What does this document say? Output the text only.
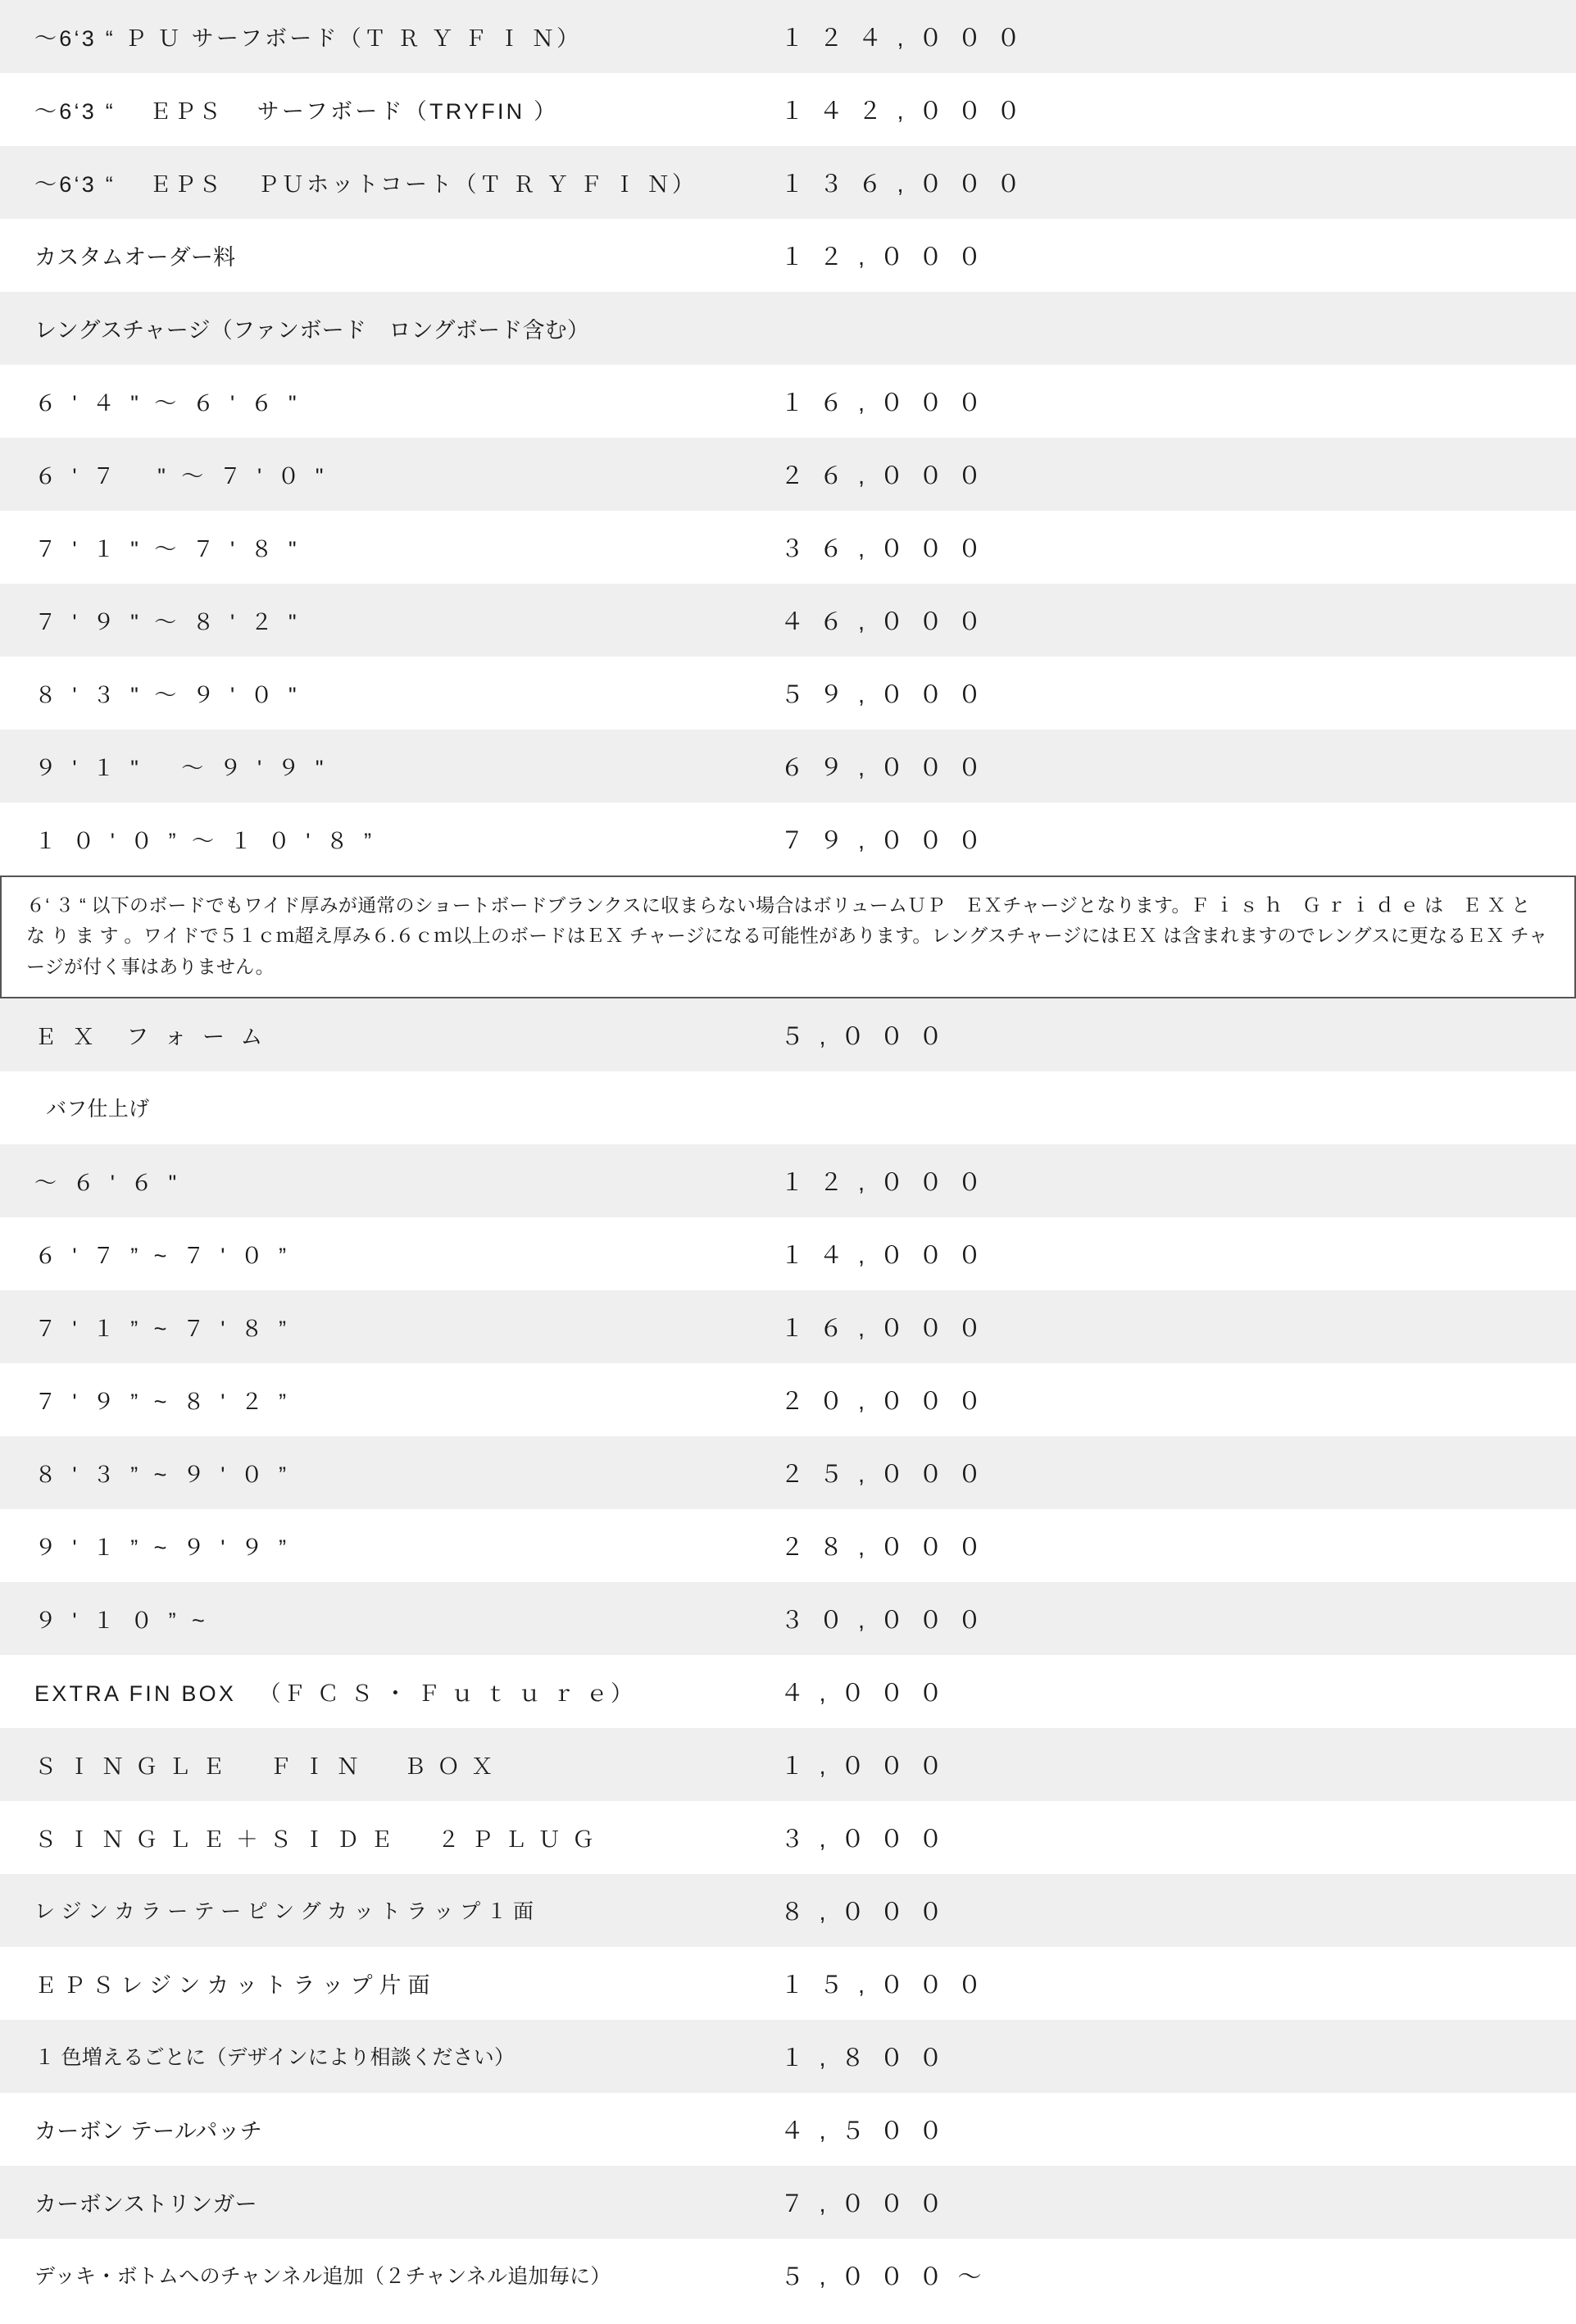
〜6‘3 “ Ｐ Ｕ サーフボード（Ｔ Ｒ Ｙ Ｆ Ｉ Ｎ）	１ ２ ４ , ０ ０ ０

〜6‘3 “ 　ＥＰＳ　 サーフボード（TRYFIN ）	１ ４ ２ , ０ ０ ０

〜6‘3 “ 　ＥＰＳ　 ＰＵホットコート（Ｔ Ｒ Ｙ Ｆ Ｉ Ｎ）	１ ３ ６ , ０ ０ ０

カスタムオーダー料	１ ２ , ０ ０ ０

レングスチャージ（ファンボード　ロングボード含む）	

６ ' ４ " 〜 ６ ' ６ "	１ ６ , ０ ０ ０

６ ' ７ 　" 〜 ７ ' ０ "	２ ６ , ０ ０ ０

７ ' １ " 〜 ７ ' ８ "	３ ６ , ０ ０ ０

７ ' ９ " 〜 ８ ' ２ "	４ ６ , ０ ０ ０

８ ' ３ " 〜 ９ ' ０ "	５ ９ , ０ ０ ０

９ ' １ " 　〜 ９ ' ９ "	６ ９ , ０ ０ ０

１ ０ ' ０ ” 〜 １ ０ ' ８ ”	７ ９ , ０ ０ ０

６‘ ３ “ 以下のボードでもワイド厚みが通常のショートボードブランクスに収まらない場合はボリュームＵＰ　ＥＸチャージとなります。Ｆ ｉ ｓ ｈ　Ｇ ｒ ｉ ｄ ｅ は　Ｅ Ｘ と な り ま す 。ワイドで５１ｃｍ超え厚み６.６ｃｍ以上のボードはＥＸ チャージになる可能性があります。レングスチャージにはＥＸ は含まれますのでレングスに更なるＥＸ チャージが付く事はありません。	

Ｅ Ｘ　フ ォ ー ム	５ , ０ ０ ０

バフ仕上げ	

〜 ６ ' ６ "	１ ２ , ０ ０ ０

６ ' ７ ” ~ ７ ' ０ ”	１ ４ , ０ ０ ０

７ ' １ ” ~ ７ ' ８ ”	１ ６ , ０ ０ ０

７ ' ９ ” ~ ８ ' ２ ”	２ ０ , ０ ０ ０

８ ' ３ ” ~ ９ ' ０ ”	２ ５ , ０ ０ ０

９ ' １ ” ~ ９ ' ９ ”	２ ８ , ０ ０ ０

９ ' １ ０ ” ~	３ ０ , ０ ０ ０

EXTRA FIN BOX 　（Ｆ Ｃ Ｓ ・ Ｆ ｕ ｔ ｕ ｒ ｅ）	４ , ０ ０ ０

Ｓ Ｉ Ｎ Ｇ Ｌ Ｅ 　 Ｆ Ｉ Ｎ 　 Ｂ Ｏ Ｘ	１ , ０ ０ ０

Ｓ Ｉ Ｎ Ｇ Ｌ Ｅ ＋ Ｓ Ｉ Ｄ Ｅ 　 ２ Ｐ Ｌ Ｕ Ｇ	３ , ０ ０ ０

レ ジ ン カ ラ ー テ ー ピ ン グ カ ッ ト ラ ッ プ １ 面	８ , ０ ０ ０

Ｅ Ｐ Ｓ レ ジ ン カ ッ ト ラ ッ プ 片 面	１ ５ , ０ ０ ０

１ 色増えるごとに（デザインにより相談ください）	１ , ８ ０ ０

カーボン テールパッチ	４ , ５ ０ ０

カーボンストリンガー	７ , ０ ０ ０

デッキ・ボトムへのチャンネル追加（２チャンネル追加毎に）	５ , ０ ０ ０ 〜
